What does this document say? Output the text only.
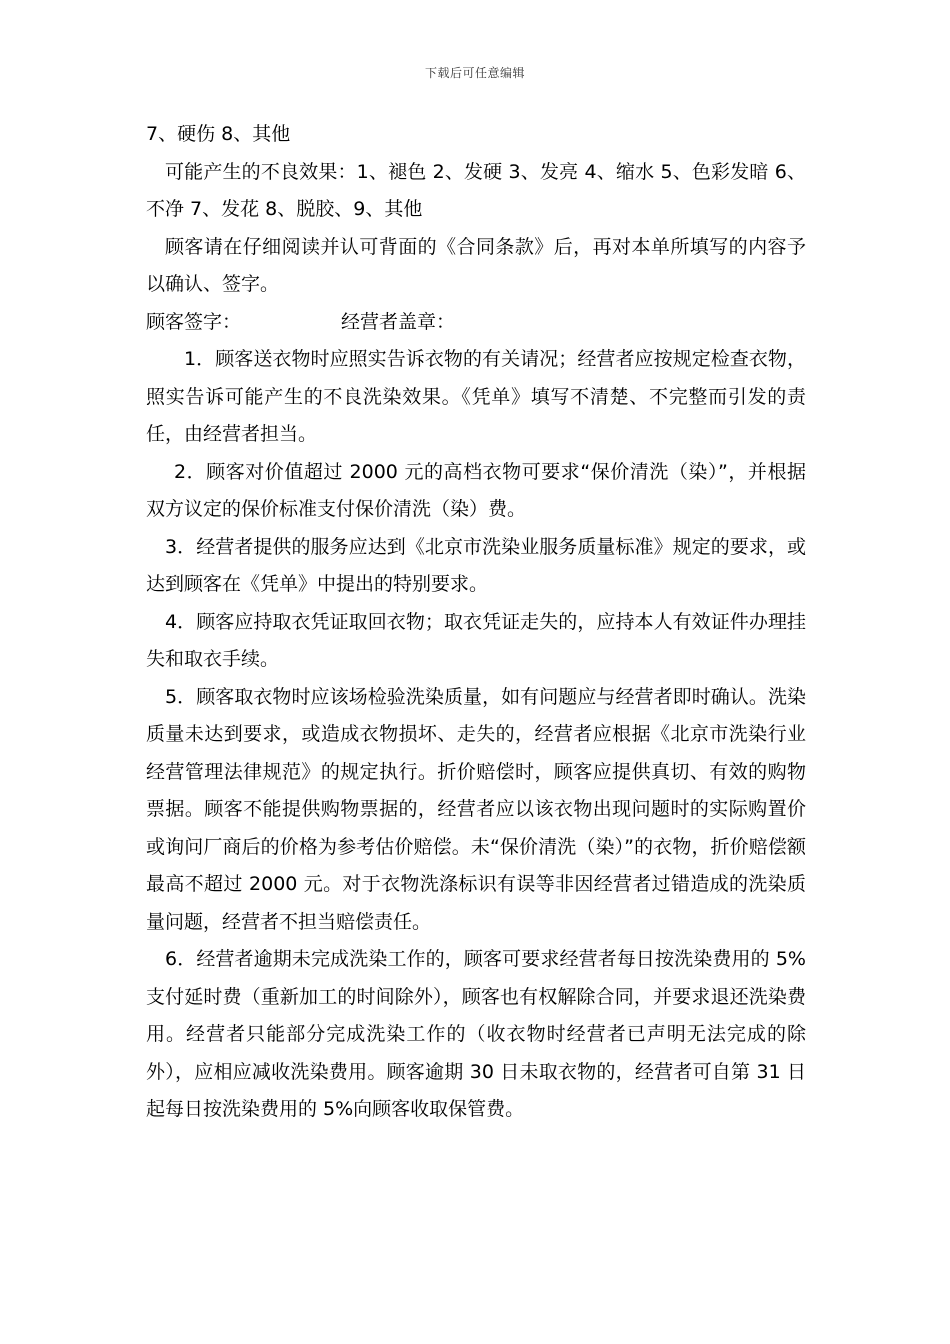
下载后可任意编辑

7、硬伤 8、其他

可能产生的不良效果：1、褪色 2、发硬 3、发亮 4、缩水 5、色彩发暗 6、不净 7、发花 8、脱胶、9、其他

顾客请在仔细阅读并认可背面的《合同条款》后，再对本单所填写的内容予以确认、签字。

顾客签字：	经营者盖章：

1．顾客送衣物时应照实告诉衣物的有关请况；经营者应按规定检查衣物，照实告诉可能产生的不良洗染效果。《凭单》填写不清楚、不完整而引发的责任，由经营者担当。

2．顾客对价值超过 2000 元的高档衣物可要求“保价清洗（染）”，并根据双方议定的保价标准支付保价清洗（染）费。

3．经营者提供的服务应达到《北京市洗染业服务质量标准》规定的要求，或达到顾客在《凭单》中提出的特别要求。

4．顾客应持取衣凭证取回衣物；取衣凭证走失的，应持本人有效证件办理挂失和取衣手续。

5．顾客取衣物时应该场检验洗染质量，如有问题应与经营者即时确认。洗染质量未达到要求，或造成衣物损坏、走失的，经营者应根据《北京市洗染行业经营管理法律规范》的规定执行。折价赔偿时，顾客应提供真切、有效的购物票据。顾客不能提供购物票据的，经营者应以该衣物出现问题时的实际购置价或询问厂商后的价格为参考估价赔偿。未“保价清洗（染）”的衣物，折价赔偿额最高不超过 2000 元。对于衣物洗涤标识有误等非因经营者过错造成的洗染质量问题，经营者不担当赔偿责任。

6．经营者逾期未完成洗染工作的，顾客可要求经营者每日按洗染费用的 5%支付延时费（重新加工的时间除外），顾客也有权解除合同，并要求退还洗染费用。经营者只能部分完成洗染工作的（收衣物时经营者已声明无法完成的除外），应相应减收洗染费用。顾客逾期 30 日未取衣物的，经营者可自第 31 日起每日按洗染费用的 5%向顾客收取保管费。
